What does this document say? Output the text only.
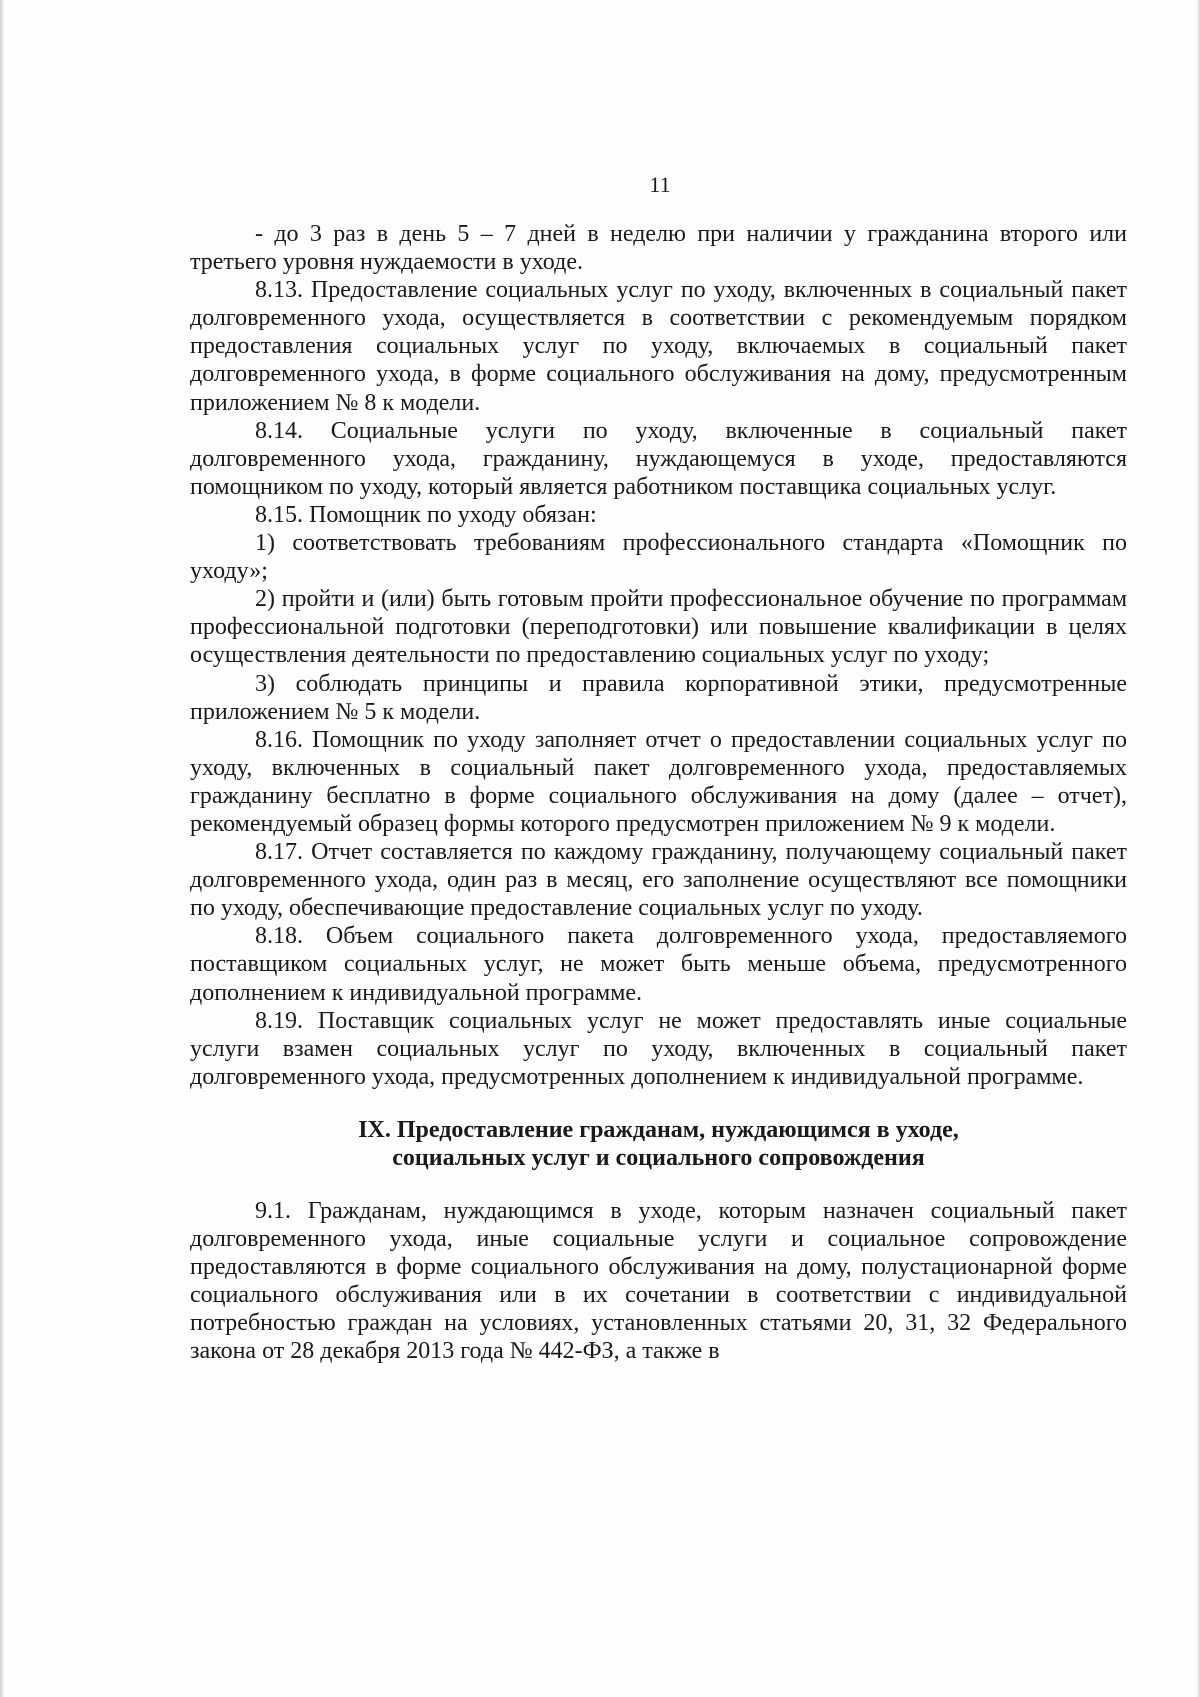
11

- до 3 раз в день 5 – 7 дней в неделю при наличии у гражданина второго или третьего уровня нуждаемости в уходе.

8.13. Предоставление социальных услуг по уходу, включенных в социальный пакет долговременного ухода, осуществляется в соответствии с рекомендуемым порядком предоставления социальных услуг по уходу, включаемых в социальный пакет долговременного ухода, в форме социального обслуживания на дому, предусмотренным приложением № 8 к модели.

8.14. Социальные услуги по уходу, включенные в социальный пакет долговременного ухода, гражданину, нуждающемуся в уходе, предоставляются помощником по уходу, который является работником поставщика социальных услуг.

8.15. Помощник по уходу обязан:

1) соответствовать требованиям профессионального стандарта «Помощник по уходу»;

2) пройти и (или) быть готовым пройти профессиональное обучение по программам профессиональной подготовки (переподготовки) или повышение квалификации в целях осуществления деятельности по предоставлению социальных услуг по уходу;

3) соблюдать принципы и правила корпоративной этики, предусмотренные приложением № 5 к модели.

8.16. Помощник по уходу заполняет отчет о предоставлении социальных услуг по уходу, включенных в социальный пакет долговременного ухода, предоставляемых гражданину бесплатно в форме социального обслуживания на дому (далее – отчет), рекомендуемый образец формы которого предусмотрен приложением № 9 к модели.

8.17. Отчет составляется по каждому гражданину, получающему социальный пакет долговременного ухода, один раз в месяц, его заполнение осуществляют все помощники по уходу, обеспечивающие предоставление социальных услуг по уходу.

8.18. Объем социального пакета долговременного ухода, предоставляемого поставщиком социальных услуг, не может быть меньше объема, предусмотренного дополнением к индивидуальной программе.

8.19. Поставщик социальных услуг не может предоставлять иные социальные услуги взамен социальных услуг по уходу, включенных в социальный пакет долговременного ухода, предусмотренных дополнением к индивидуальной программе.

IX. Предоставление гражданам, нуждающимся в уходе,
социальных услуг и социального сопровождения

9.1. Гражданам, нуждающимся в уходе, которым назначен социальный пакет долговременного ухода, иные социальные услуги и социальное сопровождение предоставляются в форме социального обслуживания на дому, полустационарной форме социального обслуживания или в их сочетании в соответствии с индивидуальной потребностью граждан на условиях, установленных статьями 20, 31, 32 Федерального закона от 28 декабря 2013 года № 442-ФЗ, а также в
